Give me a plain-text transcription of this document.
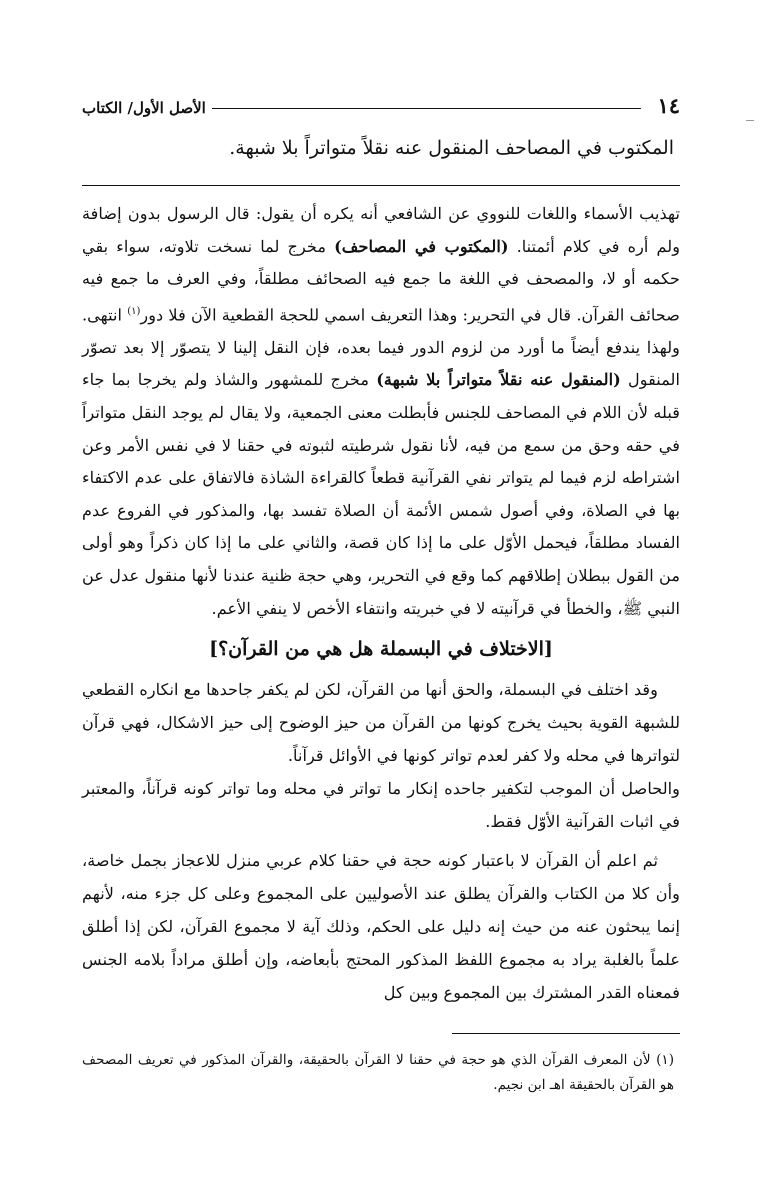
١٤
الأصل الأول/ الكتاب

المكتوب في المصاحف المنقول عنه نقلاً متواتراً بلا شبهة.

تهذيب الأسماء واللغات للنووي عن الشافعي أنه يكره أن يقول: قال الرسول بدون إضافة ولم أره في كلام أئمتنا. (المكتوب في المصاحف) مخرج لما نسخت تلاوته، سواء بقي حكمه أو لا، والمصحف في اللغة ما جمع فيه الصحائف مطلقاً، وفي العرف ما جمع فيه صحائف القرآن. قال في التحرير: وهذا التعريف اسمي للحجة القطعية الآن فلا دور$^{(١)}$ انتهى. ولهذا يندفع أيضاً ما أورد من لزوم الدور فيما بعده، فإن النقل إلينا لا يتصوّر إلا بعد تصوّر المنقول (المنقول عنه نقلاً متواتراً بلا شبهة) مخرج للمشهور والشاذ ولم يخرجا بما جاء قبله لأن اللام في المصاحف للجنس فأبطلت معنى الجمعية، ولا يقال لم يوجد النقل متواتراً في حقه وحق من سمع من فيه، لأنا نقول شرطيته لثبوته في حقنا لا في نفس الأمر وعن اشتراطه لزم فيما لم يتواتر نفي القرآنية قطعاً كالقراءة الشاذة فالاتفاق على عدم الاكتفاء بها في الصلاة، وفي أصول شمس الأئمة أن الصلاة تفسد بها، والمذكور في الفروع عدم الفساد مطلقاً، فيحمل الأوّل على ما إذا كان قصة، والثاني على ما إذا كان ذكراً وهو أولى من القول ببطلان إطلاقهم كما وقع في التحرير، وهي حجة ظنية عندنا لأنها منقول عدل عن النبي ﷺ، والخطأ في قرآنيته لا في خبريته وانتفاء الأخص لا ينفي الأعم.
[الاختلاف في البسملة هل هي من القرآن؟]

وقد اختلف في البسملة، والحق أنها من القرآن، لكن لم يكفر جاحدها مع انكاره القطعي للشبهة القوية بحيث يخرج كونها من القرآن من حيز الوضوح إلى حيز الاشكال، فهي قرآن لتواترها في محله ولا كفر لعدم تواتر كونها في الأوائل قرآناً.

والحاصل أن الموجب لتكفير جاحده إنكار ما تواتر في محله وما تواتر كونه قرآناً، والمعتبر في اثبات القرآنية الأوّل فقط.

ثم اعلم أن القرآن لا باعتبار كونه حجة في حقنا كلام عربي منزل للاعجاز بجمل خاصة، وأن كلا من الكتاب والقرآن يطلق عند الأصوليين على المجموع وعلى كل جزء منه، لأنهم إنما يبحثون عنه من حيث إنه دليل على الحكم، وذلك آية لا مجموع القرآن، لكن إذا أطلق علماً بالغلبة يراد به مجموع اللفظ المذكور المحتج بأبعاضه، وإن أطلق مراداً بلامه الجنس فمعناه القدر المشترك بين المجموع وبين كل

(١) لأن المعرف القرآن الذي هو حجة في حقنا لا القرآن بالحقيقة، والقرآن المذكور في تعريف المصحف هو القرآن بالحقيقة اهـ ابن نجيم.
